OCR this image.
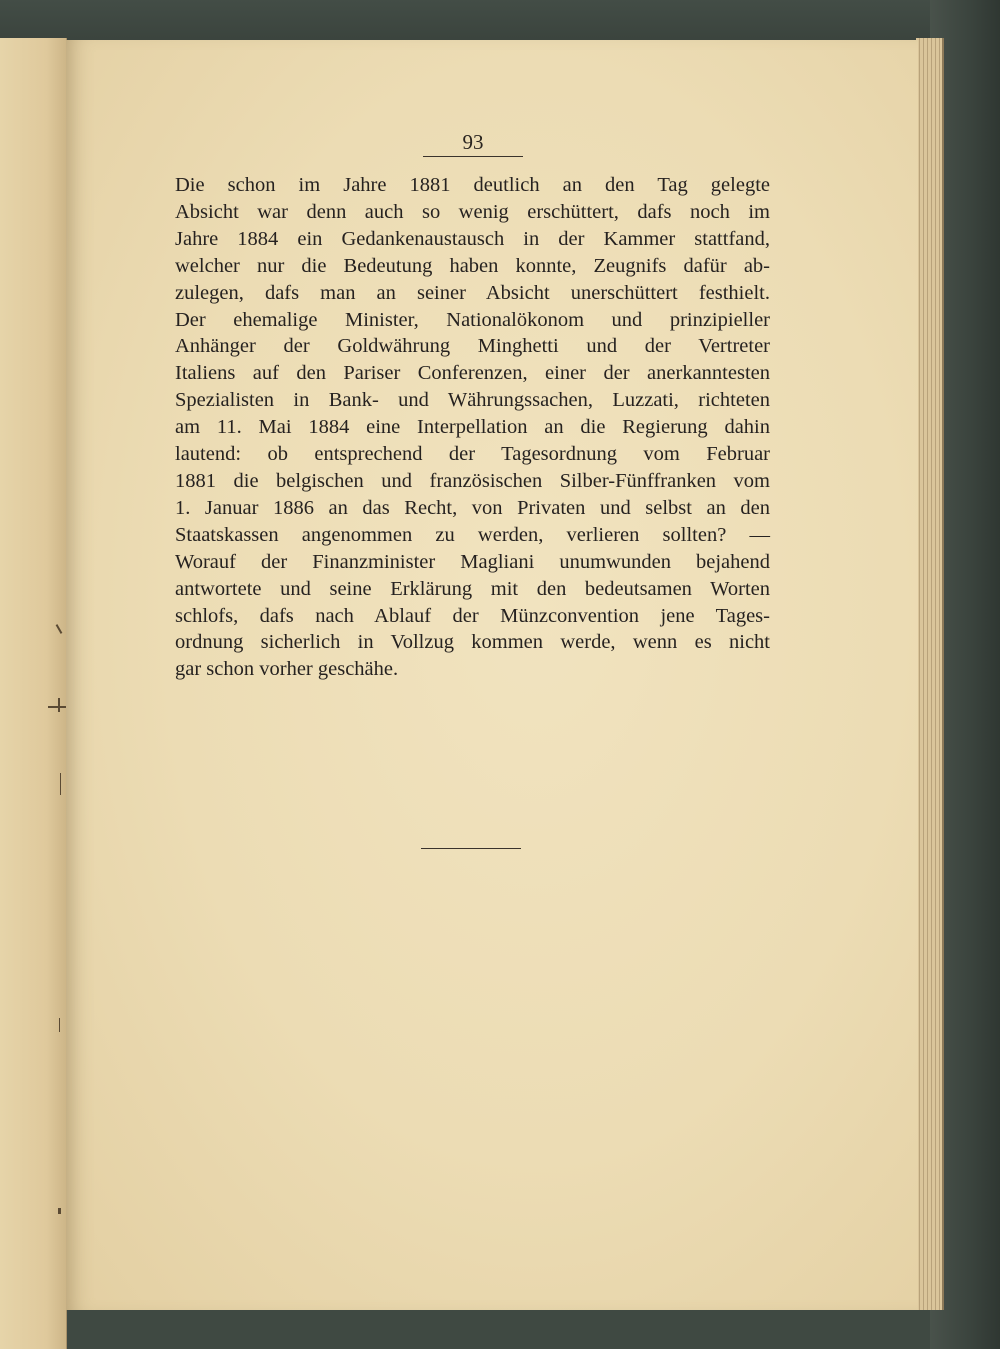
93

Die schon im Jahre 1881 deutlich an den Tag gelegte
Absicht war denn auch so wenig erschüttert, dafs noch im
Jahre 1884 ein Gedankenaustausch in der Kammer stattfand,
welcher nur die Bedeutung haben konnte, Zeugnifs dafür ab-
zulegen, dafs man an seiner Absicht unerschüttert festhielt.
Der ehemalige Minister, Nationalökonom und prinzipieller
Anhänger der Goldwährung Minghetti und der Vertreter
Italiens auf den Pariser Conferenzen, einer der anerkanntesten
Spezialisten in Bank- und Währungssachen, Luzzati, richteten
am 11. Mai 1884 eine Interpellation an die Regierung dahin
lautend: ob entsprechend der Tagesordnung vom Februar
1881 die belgischen und französischen Silber-Fünffranken vom
1. Januar 1886 an das Recht, von Privaten und selbst an den
Staatskassen angenommen zu werden, verlieren sollten? —
Worauf der Finanzminister Magliani unumwunden bejahend
antwortete und seine Erklärung mit den bedeutsamen Worten
schlofs, dafs nach Ablauf der Münzconvention jene Tages-
ordnung sicherlich in Vollzug kommen werde, wenn es nicht
gar schon vorher geschähe.
